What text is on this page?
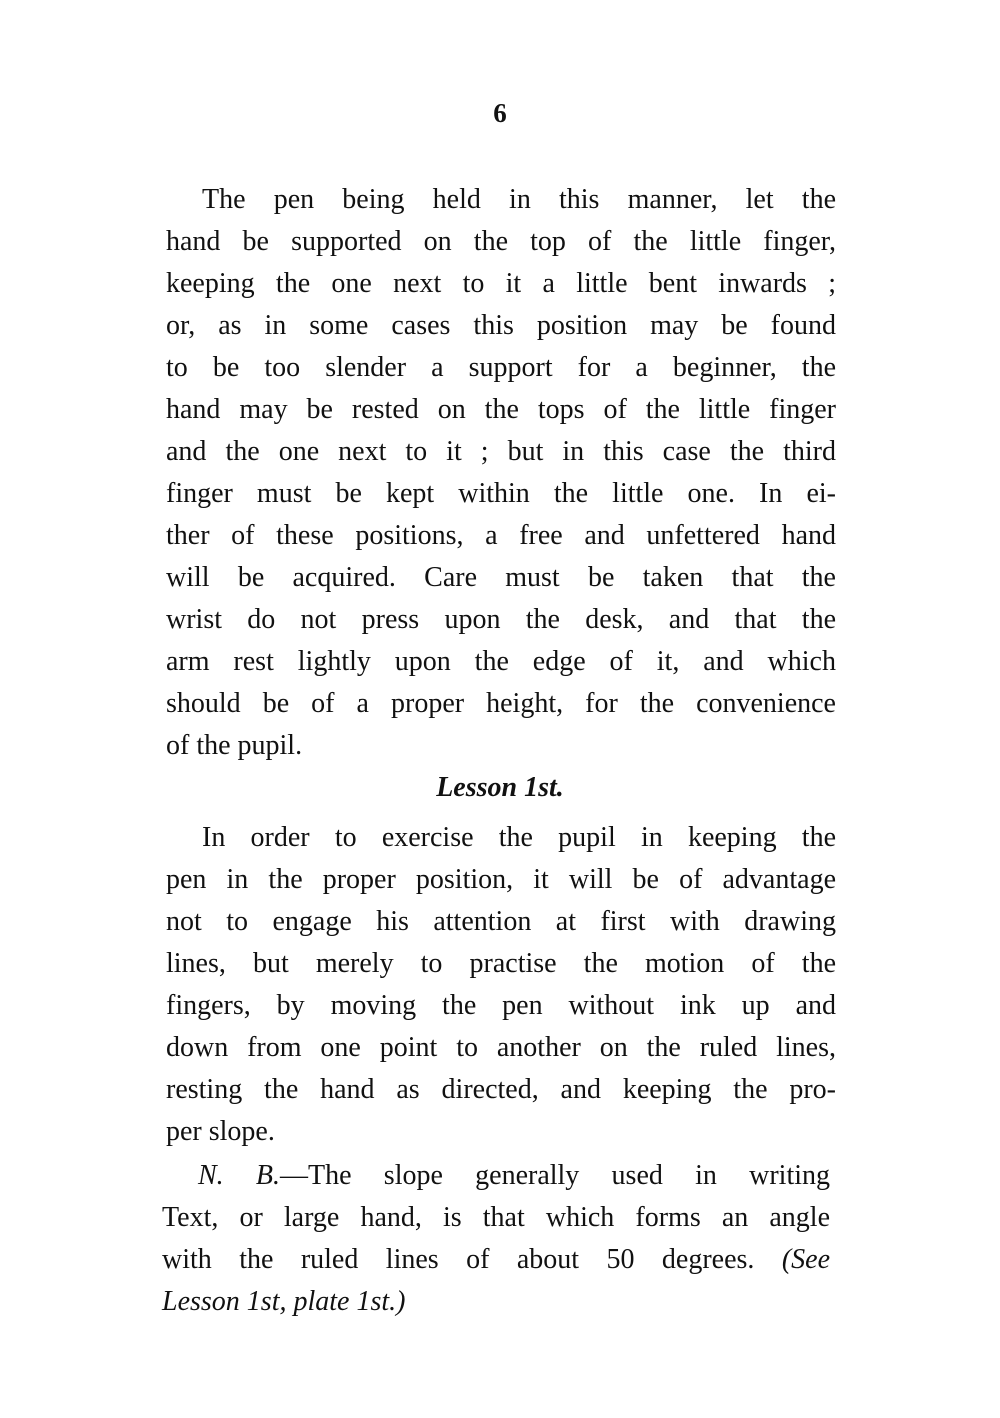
6
The pen being held in this manner, let the
hand be supported on the top of the little finger,
keeping the one next to it a little bent inwards ;
or, as in some cases this position may be found
to be too slender a support for a beginner, the
hand may be rested on the tops of the little finger
and the one next to it ; but in this case the third
finger must be kept within the little one. In ei-
ther of these positions, a free and unfettered hand
will be acquired. Care must be taken that the
wrist do not press upon the desk, and that the
arm rest lightly upon the edge of it, and which
should be of a proper height, for the convenience
of the pupil.
Lesson 1st.
In order to exercise the pupil in keeping the
pen in the proper position, it will be of advantage
not to engage his attention at first with drawing
lines, but merely to practise the motion of the
fingers, by moving the pen without ink up and
down from one point to another on the ruled lines,
resting the hand as directed, and keeping the pro-
per slope.
N. B.—The slope generally used in writing
Text, or large hand, is that which forms an angle
with the ruled lines of about 50 degrees. (See
Lesson 1st, plate 1st.)
